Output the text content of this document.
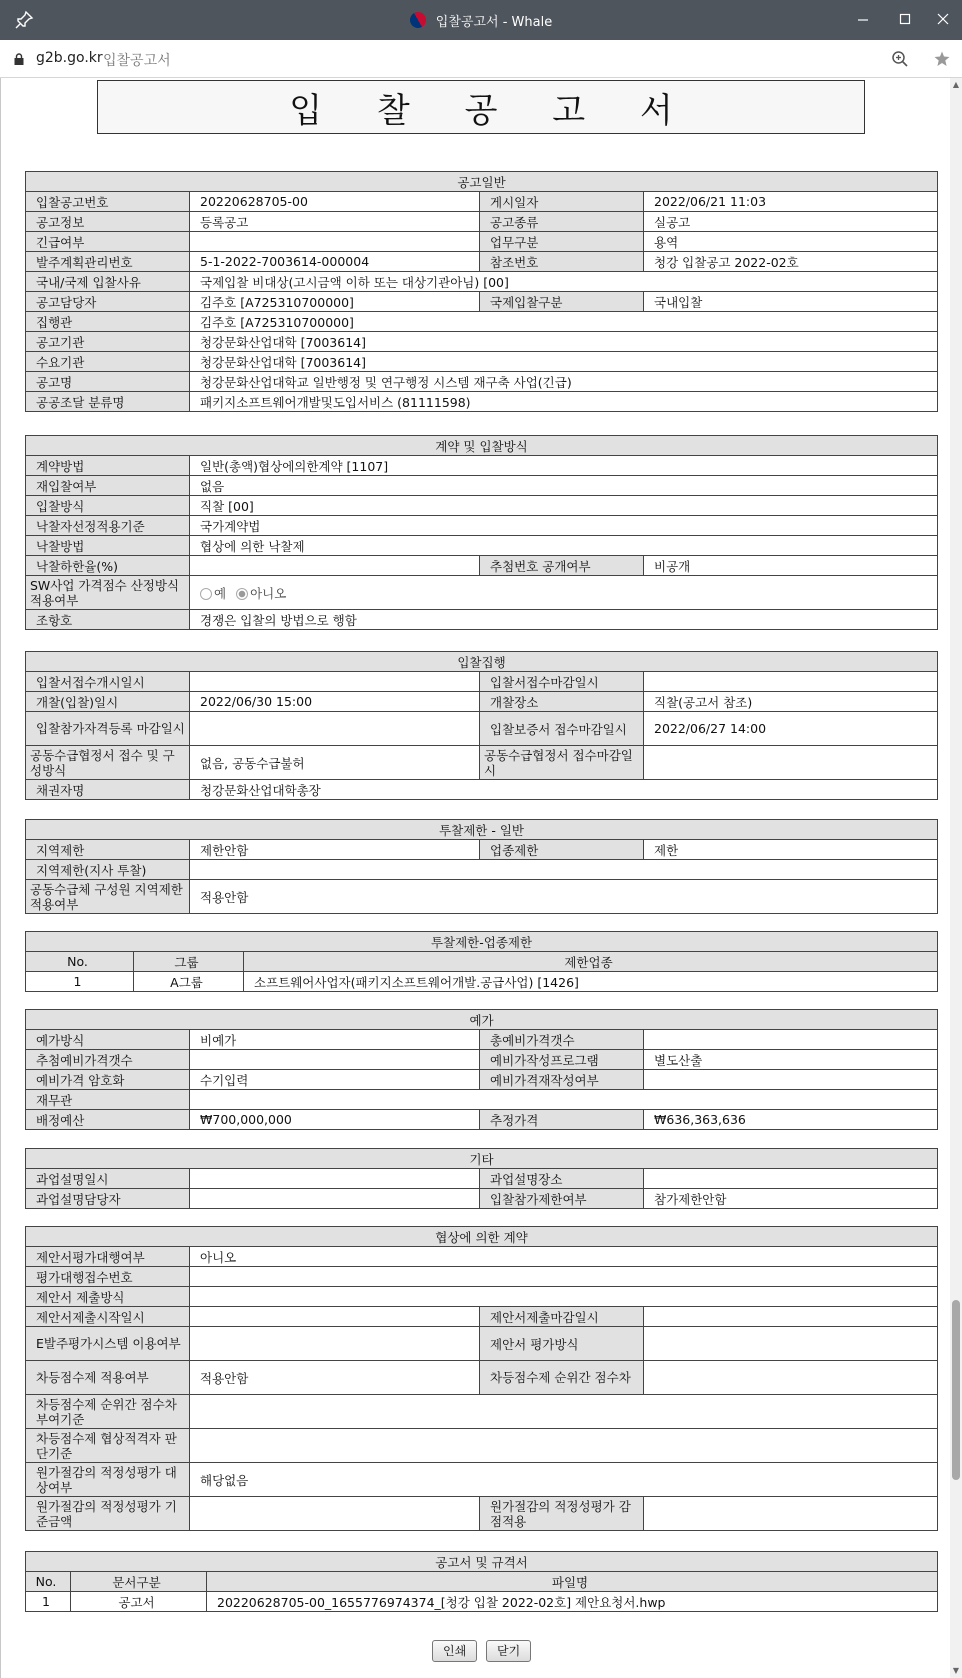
입찰공고서 - Whale
g2b.go.kr 입찰공고서
▲
▼
입 찰 공 고 서
공고일반			
입찰공고번호	20220628705-00	게시일자	2022/06/21 11:03
공고정보	등록공고	공고종류	실공고
긴급여부		업무구분	용역
발주계획관리번호	5-1-2022-7003614-000004	참조번호	청강 입찰공고 2022-02호
국내/국제 입찰사유	국제입찰 비대상(고시금액 이하 또는 대상기관아님) [00]		
공고담당자	김주호 [A725310700000]	국제입찰구분	국내입찰
집행관	김주호 [A725310700000]		
공고기관	청강문화산업대학 [7003614]		
수요기관	청강문화산업대학 [7003614]		
공고명	청강문화산업대학교 일반행정 및 연구행정 시스템 재구축 사업(긴급)		
공공조달 분류명	패키지소프트웨어개발및도입서비스 (81111598)		
계약 및 입찰방식			
계약방법	일반(총액)협상에의한계약 [1107]		
재입찰여부	없음		
입찰방식	직찰 [00]		
낙찰자선정적용기준	국가계약법		
낙찰방법	협상에 의한 낙찰제		
낙찰하한율(%)		추첨번호 공개여부	비공개
SW사업 가격점수 산정방식 적용여부	예 아니오		
조항호	경쟁은 입찰의 방법으로 행함		
입찰집행			
입찰서접수개시일시		입찰서접수마감일시	
개찰(입찰)일시	2022/06/30 15:00	개찰장소	직찰(공고서 참조)
입찰참가자격등록 마감일시		입찰보증서 접수마감일시	2022/06/27 14:00
공동수급협정서 접수 및 구성방식	없음, 공동수급불허	공동수급협정서 접수마감일시	
채권자명	청강문화산업대학총장		
투찰제한 - 일반			
지역제한	제한안함	업종제한	제한
지역제한(지사 투찰)			
공동수급체 구성원 지역제한 적용여부	적용안함		
투찰제한-업종제한		
No.	그룹	제한업종
1	A그룹	소프트웨어사업자(패키지소프트웨어개발.공급사업) [1426]
예가			
예가방식	비예가	총예비가격갯수	
추첨예비가격갯수		예비가작성프로그램	별도산출
예비가격 암호화	수기입력	예비가격재작성여부	
재무관			
배정예산	₩700,000,000	추정가격	₩636,363,636
기타			
과업설명일시		과업설명장소	
과업설명담당자		입찰참가제한여부	참가제한안함
협상에 의한 계약			
제안서평가대행여부	아니오		
평가대행접수번호			
제안서 제출방식			
제안서제출시작일시		제안서제출마감일시	
E발주평가시스템 이용여부		제안서 평가방식	
차등점수제 적용여부	적용안함	차등점수제 순위간 점수차	
차등점수제 순위간 점수차 부여기준			
차등점수제 협상적격자 판단기준			
원가절감의 적정성평가 대상여부	해당없음		
원가절감의 적정성평가 기준금액		원가절감의 적정성평가 감점적용	
공고서 및 규격서		
No.	문서구분	파일명
1	공고서	20220628705-00_1655776974374_[청강 입찰 2022-02호] 제안요청서.hwp
인쇄	닫기
